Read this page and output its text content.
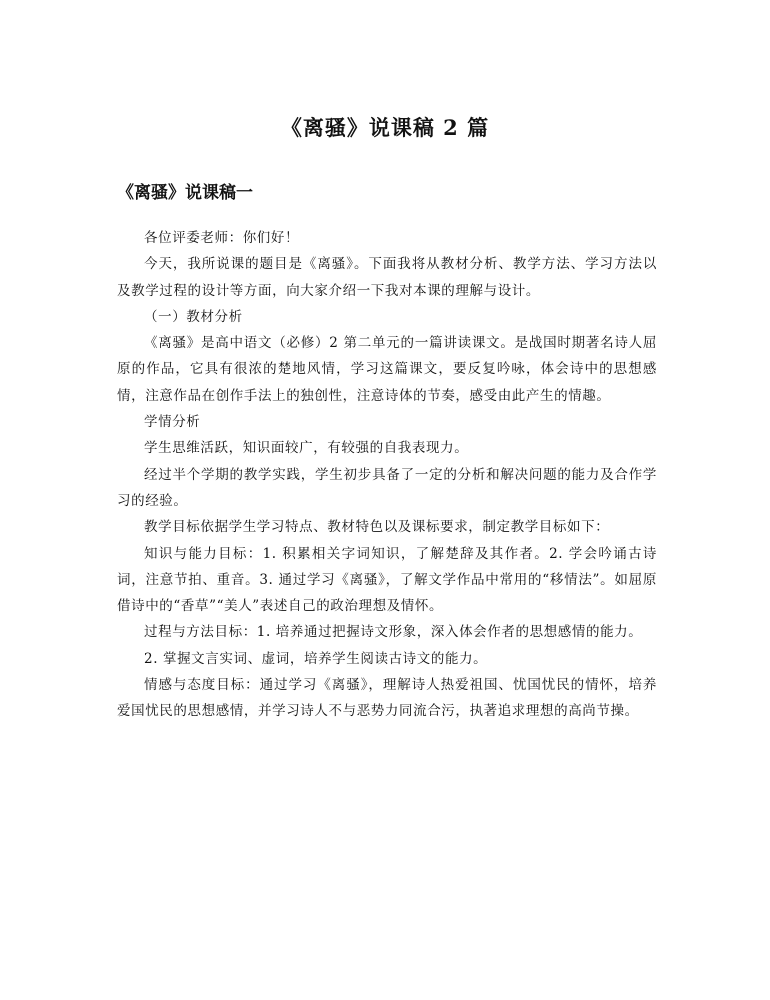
《离骚》说课稿 2 篇
《离骚》说课稿一

各位评委老师：你们好！

今天，我所说课的题目是《离骚》。下面我将从教材分析、教学方法、学习方法以及教学过程的设计等方面，向大家介绍一下我对本课的理解与设计。

（一）教材分析

《离骚》是高中语文（必修）2 第二单元的一篇讲读课文。是战国时期著名诗人屈原的作品，它具有很浓的楚地风情，学习这篇课文，要反复吟咏，体会诗中的思想感情，注意作品在创作手法上的独创性，注意诗体的节奏，感受由此产生的情趣。

学情分析

学生思维活跃，知识面较广，有较强的自我表现力。

经过半个学期的教学实践，学生初步具备了一定的分析和解决问题的能力及合作学习的经验。

教学目标依据学生学习特点、教材特色以及课标要求，制定教学目标如下：

知识与能力目标：1. 积累相关字词知识，了解楚辞及其作者。2. 学会吟诵古诗词，注意节拍、重音。3. 通过学习《离骚》，了解文学作品中常用的“移情法”。如屈原借诗中的“香草”“美人”表述自己的政治理想及情怀。

过程与方法目标：1. 培养通过把握诗文形象，深入体会作者的思想感情的能力。

2. 掌握文言实词、虚词，培养学生阅读古诗文的能力。

情感与态度目标：通过学习《离骚》，理解诗人热爱祖国、忧国忧民的情怀，培养爱国忧民的思想感情，并学习诗人不与恶势力同流合污，执著追求理想的高尚节操。
